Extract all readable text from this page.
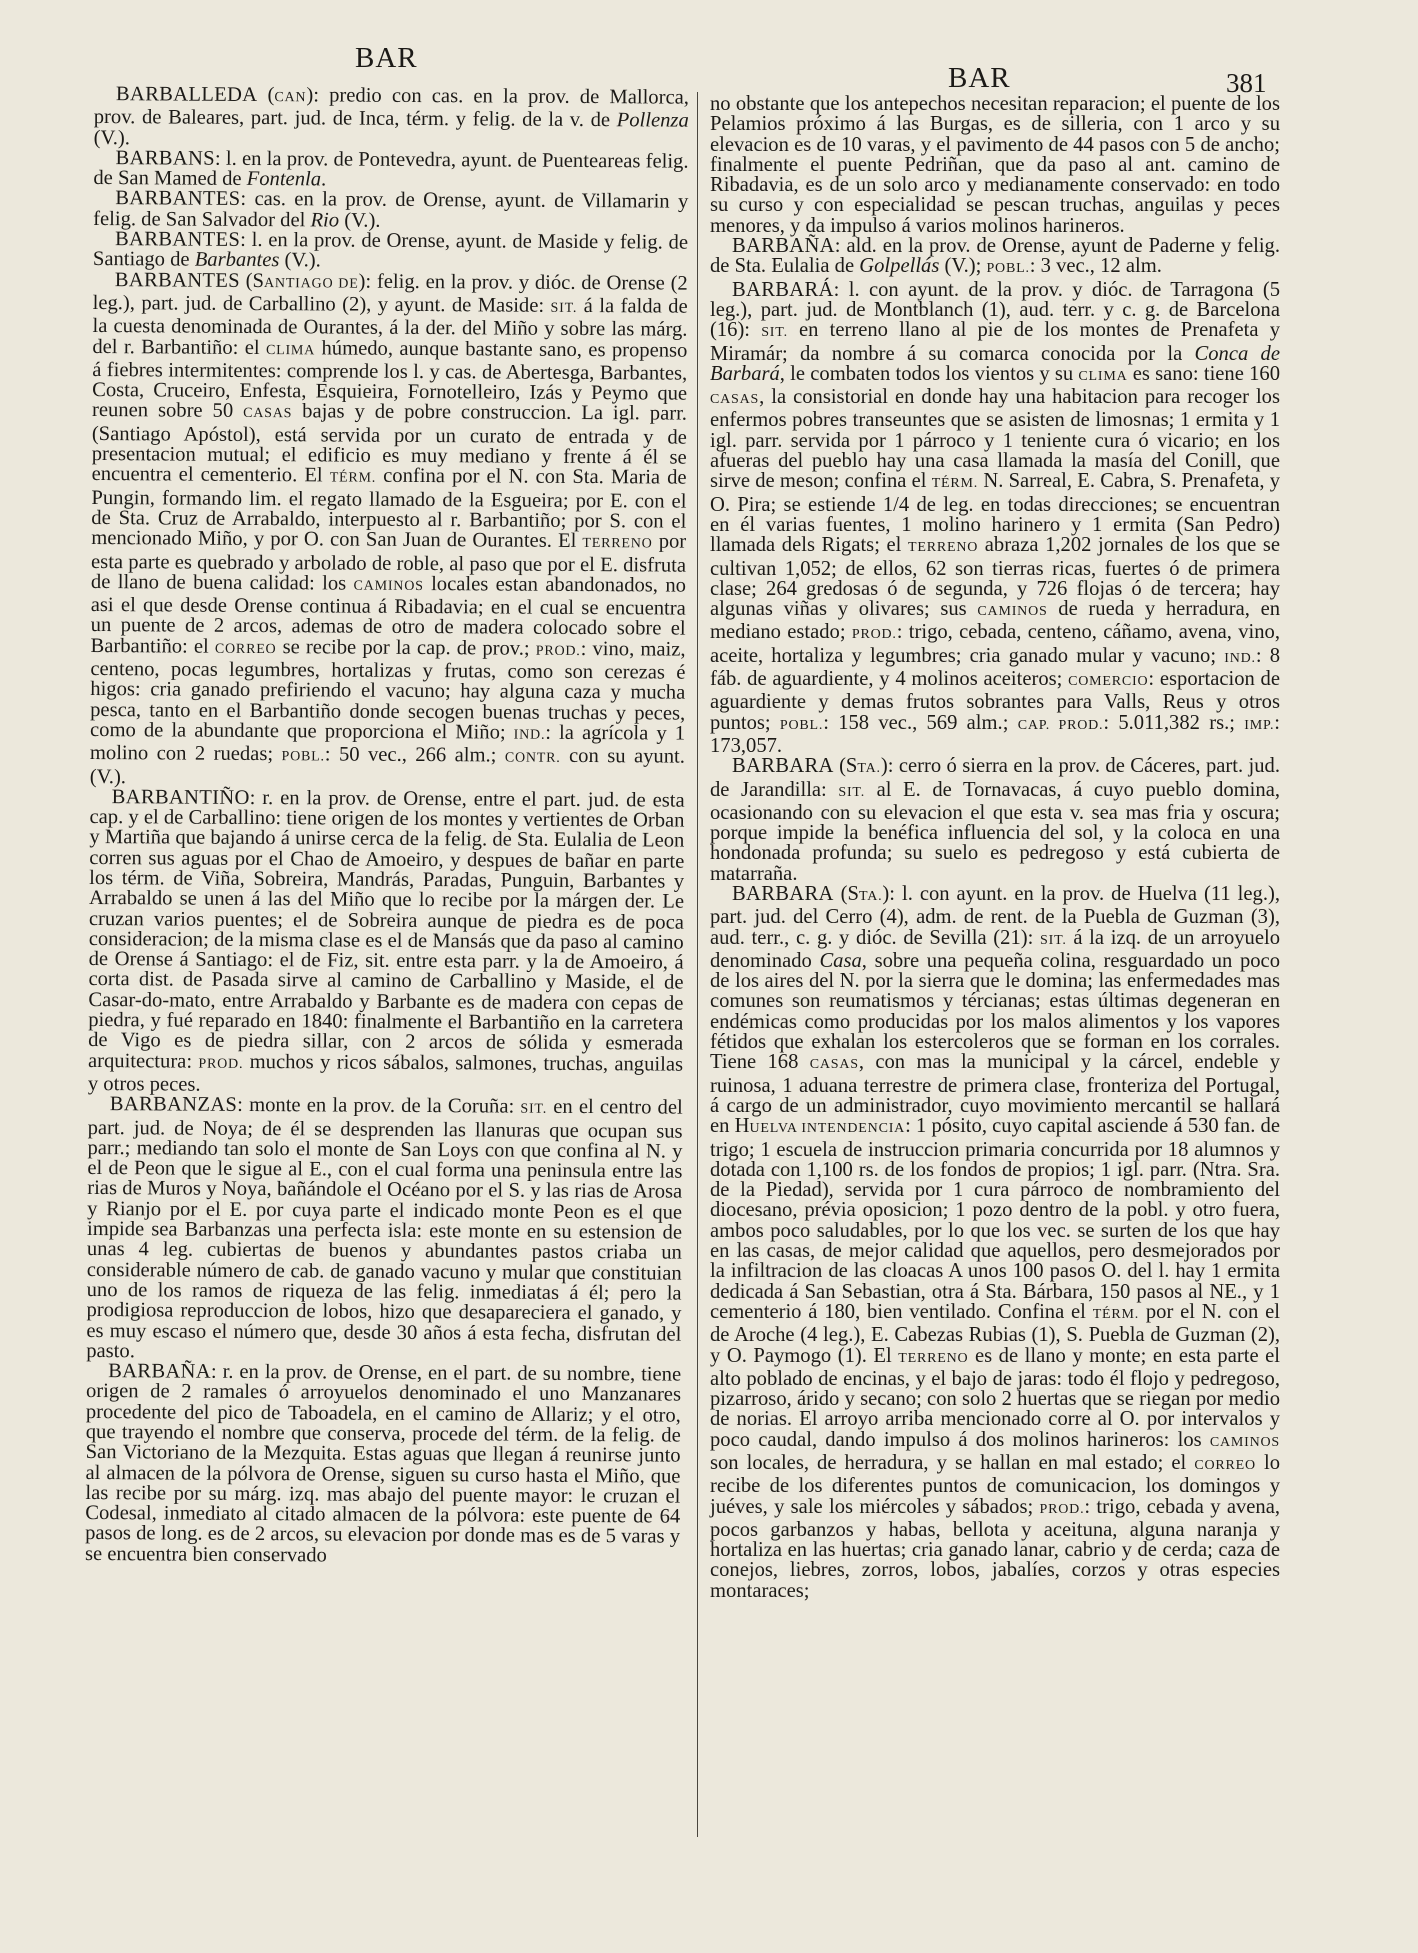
BAR
BAR	381

BARBALLEDA (CAN): predio con cas. en la prov. de Mallorca, prov. de Baleares, part. jud. de Inca, térm. y felig. de la v. de Pollenza (V.).

BARBANS: l. en la prov. de Pontevedra, ayunt. de Puenteareas felig. de San Mamed de Fontenla.

BARBANTES: cas. en la prov. de Orense, ayunt. de Villamarin y felig. de San Salvador del Rio (V.).

BARBANTES: l. en la prov. de Orense, ayunt. de Maside y felig. de Santiago de Barbantes (V.).

BARBANTES (SANTIAGO DE): felig. en la prov. y dióc. de Orense (2 leg.), part. jud. de Carballino (2), y ayunt. de Maside: SIT. á la falda de la cuesta denominada de Ourantes, á la der. del Miño y sobre las márg. del r. Barbantiño: el CLIMA húmedo, aunque bastante sano, es propenso á fiebres intermitentes: comprende los l. y cas. de Abertesga, Barbantes, Costa, Cruceiro, Enfesta, Esquieira, Fornotelleiro, Izás y Peymo que reunen sobre 50 CASAS bajas y de pobre construccion. La igl. parr. (Santiago Apóstol), está servida por un curato de entrada y de presentacion mutual; el edificio es muy mediano y frente á él se encuentra el cementerio. El TÉRM. confina por el N. con Sta. Maria de Pungin, formando lim. el regato llamado de la Esgueira; por E. con el de Sta. Cruz de Arrabaldo, interpuesto al r. Barbantiño; por S. con el mencionado Miño, y por O. con San Juan de Ourantes. El TERRENO por esta parte es quebrado y arbolado de roble, al paso que por el E. disfruta de llano de buena calidad: los CAMINOS locales estan abandonados, no asi el que desde Orense continua á Ribadavia; en el cual se encuentra un puente de 2 arcos, ademas de otro de madera colocado sobre el Barbantiño: el CORREO se recibe por la cap. de prov.; PROD.: vino, maiz, centeno, pocas legumbres, hortalizas y frutas, como son cerezas é higos: cria ganado prefiriendo el vacuno; hay alguna caza y mucha pesca, tanto en el Barbantiño donde secogen buenas truchas y peces, como de la abundante que proporciona el Miño; IND.: la agrícola y 1 molino con 2 ruedas; POBL.: 50 vec., 266 alm.; CONTR. con su ayunt. (V.).

BARBANTIÑO: r. en la prov. de Orense, entre el part. jud. de esta cap. y el de Carballino: tiene origen de los montes y vertientes de Orban y Martiña que bajando á unirse cerca de la felig. de Sta. Eulalia de Leon corren sus aguas por el Chao de Amoeiro, y despues de bañar en parte los térm. de Viña, Sobreira, Mandrás, Paradas, Punguin, Barbantes y Arrabaldo se unen á las del Miño que lo recibe por la márgen der. Le cruzan varios puentes; el de Sobreira aunque de piedra es de poca consideracion; de la misma clase es el de Mansás que da paso al camino de Orense á Santiago: el de Fiz, sit. entre esta parr. y la de Amoeiro, á corta dist. de Pasada sirve al camino de Carballino y Maside, el de Casar-do-mato, entre Arrabaldo y Barbante es de madera con cepas de piedra, y fué reparado en 1840: finalmente el Barbantiño en la carretera de Vigo es de piedra sillar, con 2 arcos de sólida y esmerada arquitectura: PROD. muchos y ricos sábalos, salmones, truchas, anguilas y otros peces.

BARBANZAS: monte en la prov. de la Coruña: SIT. en el centro del part. jud. de Noya; de él se desprenden las llanuras que ocupan sus parr.; mediando tan solo el monte de San Loys con que confina al N. y el de Peon que le sigue al E., con el cual forma una peninsula entre las rias de Muros y Noya, bañándole el Océano por el S. y las rias de Arosa y Rianjo por el E. por cuya parte el indicado monte Peon es el que impide sea Barbanzas una perfecta isla: este monte en su estension de unas 4 leg. cubiertas de buenos y abundantes pastos criaba un considerable número de cab. de ganado vacuno y mular que constituian uno de los ramos de riqueza de las felig. inmediatas á él; pero la prodigiosa reproduccion de lobos, hizo que desapareciera el ganado, y es muy escaso el número que, desde 30 años á esta fecha, disfrutan del pasto.

BARBAÑA: r. en la prov. de Orense, en el part. de su nombre, tiene origen de 2 ramales ó arroyuelos denominado el uno Manzanares procedente del pico de Taboadela, en el camino de Allariz; y el otro, que trayendo el nombre que conserva, procede del térm. de la felig. de San Victoriano de la Mezquita. Estas aguas que llegan á reunirse junto al almacen de la pólvora de Orense, siguen su curso hasta el Miño, que las recibe por su márg. izq. mas abajo del puente mayor: le cruzan el Codesal, inmediato al citado almacen de la pólvora: este puente de 64 pasos de long. es de 2 arcos, su elevacion por donde mas es de 5 varas y se encuentra bien conservado

no obstante que los antepechos necesitan reparacion; el puente de los Pelamios próximo á las Burgas, es de silleria, con 1 arco y su elevacion es de 10 varas, y el pavimento de 44 pasos con 5 de ancho; finalmente el puente Pedriñan, que da paso al ant. camino de Ribadavia, es de un solo arco y medianamente conservado: en todo su curso y con especialidad se pescan truchas, anguilas y peces menores, y da impulso á varios molinos harineros.

BARBAÑA: ald. en la prov. de Orense, ayunt de Paderne y felig. de Sta. Eulalia de Golpellás (V.); POBL.: 3 vec., 12 alm.

BARBARÁ: l. con ayunt. de la prov. y dióc. de Tarragona (5 leg.), part. jud. de Montblanch (1), aud. terr. y c. g. de Barcelona (16): SIT. en terreno llano al pie de los montes de Prenafeta y Miramár; da nombre á su comarca conocida por la Conca de Barbará, le combaten todos los vientos y su CLIMA es sano: tiene 160 CASAS, la consistorial en donde hay una habitacion para recoger los enfermos pobres transeuntes que se asisten de limosnas; 1 ermita y 1 igl. parr. servida por 1 párroco y 1 teniente cura ó vicario; en los afueras del pueblo hay una casa llamada la masía del Conill, que sirve de meson; confina el TÉRM. N. Sarreal, E. Cabra, S. Prenafeta, y O. Pira; se estiende 1/4 de leg. en todas direcciones; se encuentran en él varias fuentes, 1 molino harinero y 1 ermita (San Pedro) llamada dels Rigats; el TERRENO abraza 1,202 jornales de los que se cultivan 1,052; de ellos, 62 son tierras ricas, fuertes ó de primera clase; 264 gredosas ó de segunda, y 726 flojas ó de tercera; hay algunas viñas y olivares; sus CAMINOS de rueda y herradura, en mediano estado; PROD.: trigo, cebada, centeno, cáñamo, avena, vino, aceite, hortaliza y legumbres; cria ganado mular y vacuno; IND.: 8 fáb. de aguardiente, y 4 molinos aceiteros; COMERCIO: esportacion de aguardiente y demas frutos sobrantes para Valls, Reus y otros puntos; POBL.: 158 vec., 569 alm.; CAP. PROD.: 5.011,382 rs.; IMP.: 173,057.

BARBARA (STA.): cerro ó sierra en la prov. de Cáceres, part. jud. de Jarandilla: SIT. al E. de Tornavacas, á cuyo pueblo domina, ocasionando con su elevacion el que esta v. sea mas fria y oscura; porque impide la benéfica influencia del sol, y la coloca en una hondonada profunda; su suelo es pedregoso y está cubierta de matarraña.

BARBARA (STA.): l. con ayunt. en la prov. de Huelva (11 leg.), part. jud. del Cerro (4), adm. de rent. de la Puebla de Guzman (3), aud. terr., c. g. y dióc. de Sevilla (21): SIT. á la izq. de un arroyuelo denominado Casa, sobre una pequeña colina, resguardado un poco de los aires del N. por la sierra que le domina; las enfermedades mas comunes son reumatismos y tércianas; estas últimas degeneran en endémicas como producidas por los malos alimentos y los vapores fétidos que exhalan los estercoleros que se forman en los corrales. Tiene 168 CASAS, con mas la municipal y la cárcel, endeble y ruinosa, 1 aduana terrestre de primera clase, fronteriza del Portugal, á cargo de un administrador, cuyo movimiento mercantil se hallará en HUELVA INTENDENCIA: 1 pósito, cuyo capital asciende á 530 fan. de trigo; 1 escuela de instruccion primaria concurrida por 18 alumnos y dotada con 1,100 rs. de los fondos de propios; 1 igl. parr. (Ntra. Sra. de la Piedad), servida por 1 cura párroco de nombramiento del diocesano, prévia oposicion; 1 pozo dentro de la pobl. y otro fuera, ambos poco saludables, por lo que los vec. se surten de los que hay en las casas, de mejor calidad que aquellos, pero desmejorados por la infiltracion de las cloacas A unos 100 pasos O. del l. hay 1 ermita dedicada á San Sebastian, otra á Sta. Bárbara, 150 pasos al NE., y 1 cementerio á 180, bien ventilado. Confina el TÉRM. por el N. con el de Aroche (4 leg.), E. Cabezas Rubias (1), S. Puebla de Guzman (2), y O. Paymogo (1). El TERRENO es de llano y monte; en esta parte el alto poblado de encinas, y el bajo de jaras: todo él flojo y pedregoso, pizarroso, árido y secano; con solo 2 huertas que se riegan por medio de norias. El arroyo arriba mencionado corre al O. por intervalos y poco caudal, dando impulso á dos molinos harineros: los CAMINOS son locales, de herradura, y se hallan en mal estado; el CORREO lo recibe de los diferentes puntos de comunicacion, los domingos y juéves, y sale los miércoles y sábados; PROD.: trigo, cebada y avena, pocos garbanzos y habas, bellota y aceituna, alguna naranja y hortaliza en las huertas; cria ganado lanar, cabrio y de cerda; caza de conejos, liebres, zorros, lobos, jabalíes, corzos y otras especies montaraces;
